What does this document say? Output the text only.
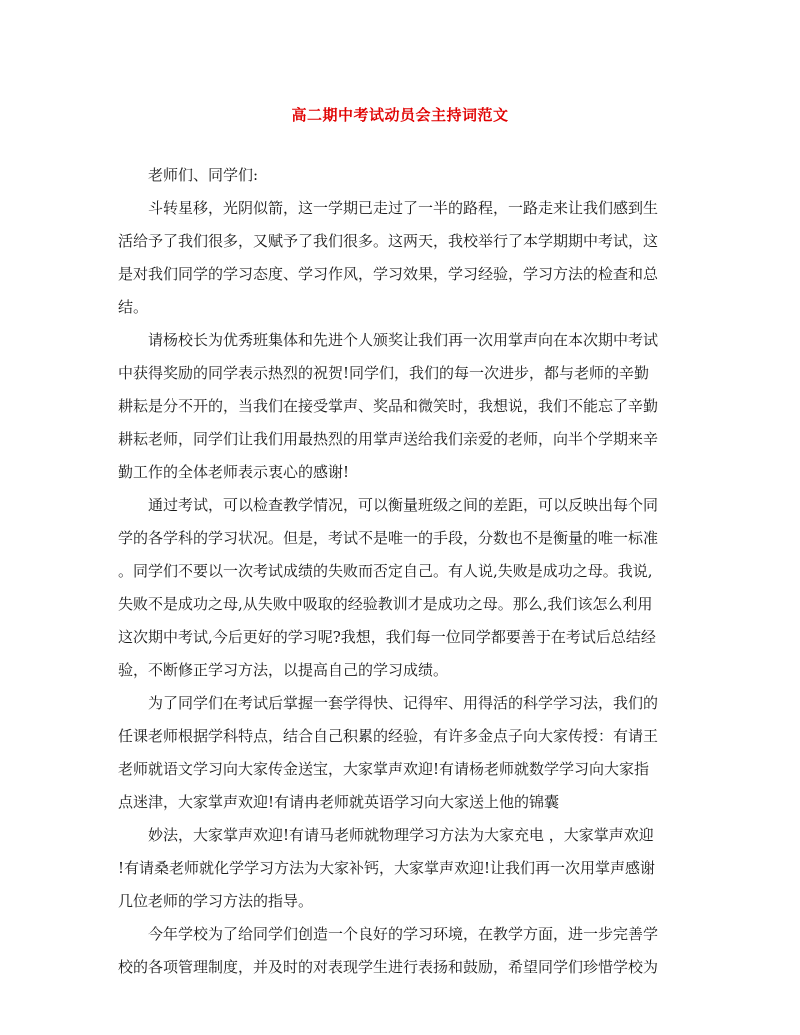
高二期中考试动员会主持词范文
老师们、同学们:
斗转星移，光阴似箭，这一学期已走过了一半的路程，一路走来让我们感到生
活给予了我们很多，又赋予了我们很多。这两天，我校举行了本学期期中考试，这
是对我们同学的学习态度、学习作风，学习效果，学习经验，学习方法的检查和总
结。
请杨校长为优秀班集体和先进个人颁奖让我们再一次用掌声向在本次期中考试
中获得奖励的同学表示热烈的祝贺!同学们，我们的每一次进步，都与老师的辛勤
耕耘是分不开的，当我们在接受掌声、奖品和微笑时，我想说，我们不能忘了辛勤
耕耘老师，同学们让我们用最热烈的用掌声送给我们亲爱的老师，向半个学期来辛
勤工作的全体老师表示衷心的感谢!
通过考试，可以检查教学情况，可以衡量班级之间的差距，可以反映出每个同
学的各学科的学习状况。但是，考试不是唯一的手段，分数也不是衡量的唯一标准
。同学们不要以一次考试成绩的失败而否定自己。有人说,失败是成功之母。我说,
失败不是成功之母,从失败中吸取的经验教训才是成功之母。那么,我们该怎么利用
这次期中考试,今后更好的学习呢?我想，我们每一位同学都要善于在考试后总结经
验，不断修正学习方法，以提高自己的学习成绩。
为了同学们在考试后掌握一套学得快、记得牢、用得活的科学学习法，我们的
任课老师根据学科特点，结合自己积累的经验，有许多金点子向大家传授：有请王
老师就语文学习向大家传金送宝，大家掌声欢迎!有请杨老师就数学学习向大家指
点迷津，大家掌声欢迎!有请冉老师就英语学习向大家送上他的锦囊
妙法，大家掌声欢迎!有请马老师就物理学习方法为大家充电 ，大家掌声欢迎
!有请桑老师就化学学习方法为大家补钙，大家掌声欢迎!让我们再一次用掌声感谢
几位老师的学习方法的指导。
今年学校为了给同学们创造一个良好的学习环境，在教学方面，进一步完善学
校的各项管理制度，并及时的对表现学生进行表扬和鼓励，希望同学们珍惜学校为
